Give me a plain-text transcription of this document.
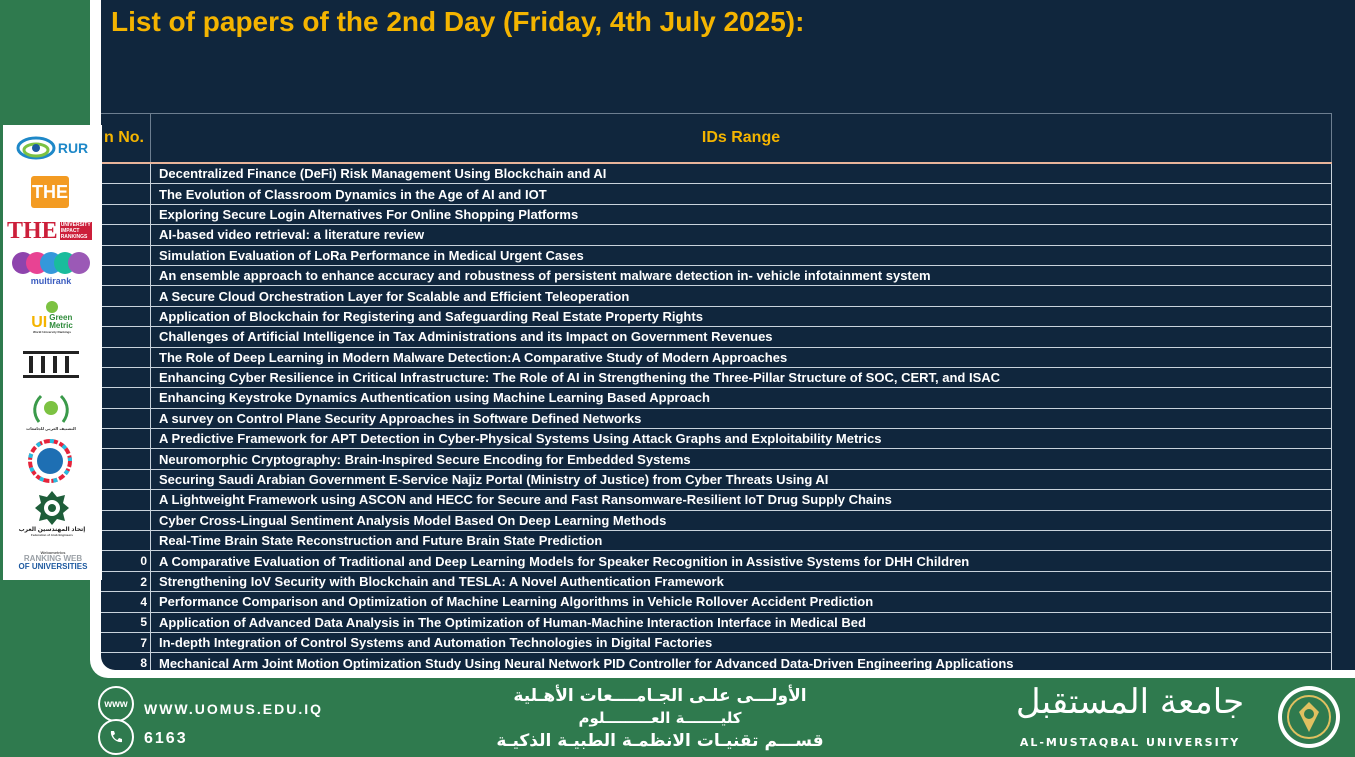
List of papers of the 2nd Day (Friday, 4th July 2025):
n No.	IDs Range
	Decentralized Finance (DeFi) Risk Management Using Blockchain and AI
	The Evolution of Classroom Dynamics in the Age of AI and IOT
	Exploring Secure Login Alternatives For Online Shopping Platforms
	AI-based video retrieval: a literature review
	Simulation Evaluation of LoRa Performance in Medical Urgent Cases
	An ensemble approach to enhance accuracy and robustness of persistent malware detection in- vehicle infotainment system
	A Secure Cloud Orchestration Layer for Scalable and Efficient Teleoperation
	Application of Blockchain for Registering and Safeguarding Real Estate Property Rights
	Challenges of Artificial Intelligence in Tax Administrations and its Impact on Government Revenues
	The Role of Deep Learning in Modern Malware Detection:A Comparative Study of Modern Approaches
	Enhancing Cyber Resilience in Critical Infrastructure: The Role of AI in Strengthening the Three-Pillar Structure of SOC, CERT, and ISAC
	Enhancing Keystroke Dynamics Authentication using Machine Learning Based Approach
	A survey on Control Plane Security Approaches in Software Defined Networks
	A Predictive Framework for APT Detection in Cyber-Physical Systems Using Attack Graphs and Exploitability Metrics
	Neuromorphic Cryptography: Brain-Inspired Secure Encoding for Embedded Systems
	Securing Saudi Arabian Government E-Service Najiz Portal (Ministry of Justice) from Cyber Threats Using AI
	A Lightweight Framework using ASCON and HECC for Secure and Fast Ransomware-Resilient IoT Drug Supply Chains
	Cyber Cross-Lingual Sentiment Analysis Model Based On Deep Learning Methods
	Real-Time Brain State Reconstruction and Future Brain State Prediction
0	A Comparative Evaluation of Traditional and Deep Learning Models for Speaker Recognition in Assistive Systems for DHH Children
2	Strengthening IoV Security with Blockchain and TESLA: A Novel Authentication Framework
4	Performance Comparison and Optimization of Machine Learning Algorithms in Vehicle Rollover Accident Prediction
5	Application of Advanced Data Analysis in The Optimization of Human-Machine Interaction Interface in Medical Bed
7	In-depth Integration of Control Systems and Automation Technologies in Digital Factories
8	Mechanical Arm Joint Motion Optimization Study Using Neural Network PID Controller for Advanced Data-Driven Engineering Applications
RUR
THE
THE UNIVERSITY
IMPACT
RANKINGS
multirank
UI Green
Metric
World University Rankings
التصنيف العربي للجامعات
إتحاد المهندسين العرب
Federation of Arab Engineers
Webometrics
RANKING WEB
OF UNIVERSITIES
www WWW.UOMUS.EDU.IQ
6163
الأولـــى علـى الجـامــــعات الأهـلية
كليـــــــة العـــــــــلوم
قســـم تقنيـات الانظمـة الطبيـة الذكيـة
جامعة المستقبل
AL-MUSTAQBAL UNIVERSITY
